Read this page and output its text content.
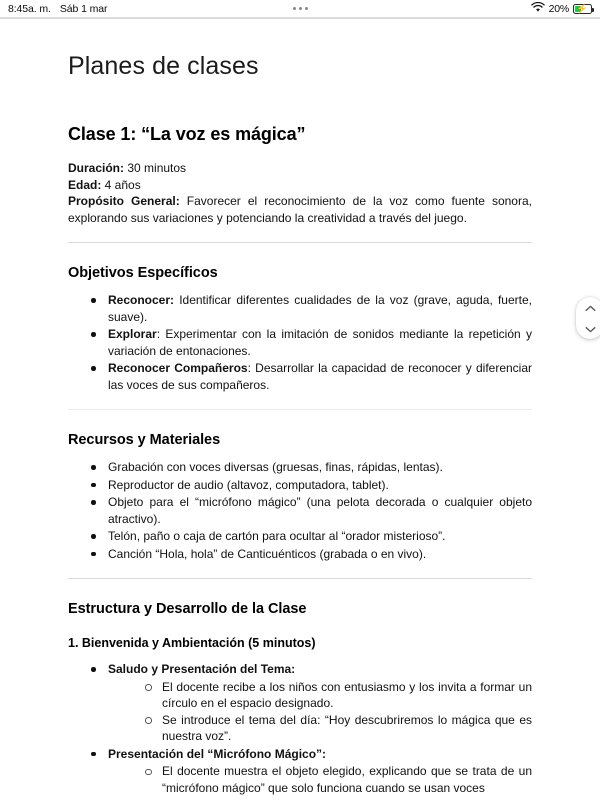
8:45a. m. Sáb 1 mar	20% ⚡
Planes de clases
Clase 1: “La voz es mágica”

Duración: 30 minutos

Edad: 4 años

Propósito General: Favorecer el reconocimiento de la voz como fuente sonora, explorando sus variaciones y potenciando la creatividad a través del juego.

Objetivos Específicos
Reconocer: Identificar diferentes cualidades de la voz (grave, aguda, fuerte, suave).
Explorar: Experimentar con la imitación de sonidos mediante la repetición y variación de entonaciones.
Reconocer Compañeros: Desarrollar la capacidad de reconocer y diferenciar las voces de sus compañeros.
Recursos y Materiales
Grabación con voces diversas (gruesas, finas, rápidas, lentas).
Reproductor de audio (altavoz, computadora, tablet).
Objeto para el “micrófono mágico” (una pelota decorada o cualquier objeto atractivo).
Telón, paño o caja de cartón para ocultar al “orador misterioso”.
Canción “Hola, hola” de Canticuénticos (grabada o en vivo).
Estructura y Desarrollo de la Clase

1. Bienvenida y Ambientación (5 minutos)

Saludo y Presentación del Tema:
El docente recibe a los niños con entusiasmo y los invita a formar un círculo en el espacio designado.
Se introduce el tema del día: “Hoy descubriremos lo mágica que es nuestra voz”.
Presentación del “Micrófono Mágico”:
El docente muestra el objeto elegido, explicando que se trata de un “micrófono mágico” que solo funciona cuando se usan voces
